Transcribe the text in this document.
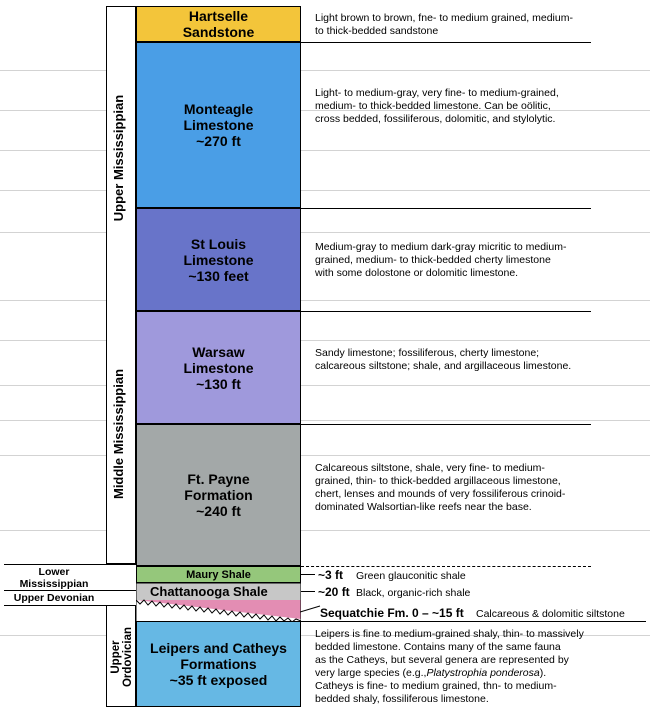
Upper Mississippian
Middle Mississippian
Lower
Mississippian
Upper Devonian
Upper
Ordovician
Hartselle
Sandstone
Monteagle
Limestone
~270 ft
St Louis
Limestone
~130 feet
Warsaw
Limestone
~130 ft
Ft. Payne
Formation
~240 ft
Maury Shale
Chattanooga Shale
Leipers and Catheys
Formations
~35 ft exposed
Light brown to brown, fne- to medium grained, medium-
to thick-bedded sandstone
Light- to medium-gray, very fine- to medium-grained,
medium- to thick-bedded limestone. Can be oölitic,
cross bedded, fossiliferous, dolomitic, and stylolytic.
Medium-gray to medium dark-gray micritic to medium-
grained, medium- to thick-bedded cherty limestone
with some dolostone or dolomitic limestone.
Sandy limestone; fossiliferous, cherty limestone;
calcareous siltstone; shale, and argillaceous limestone.
Calcareous siltstone, shale, very fine- to medium-
grained, thin- to thick-bedded argillaceous limestone,
chert, lenses and mounds of very fossiliferous crinoid-
dominated Walsortian-like reefs near the base.
~3 ft Green glauconitic shale
~20 ft Black, organic-rich shale
Sequatchie Fm. 0 – ~15 ft Calcareous & dolomitic siltstone
Leipers is fine to medium-grained shaly, thin- to massively
bedded limestone. Contains many of the same fauna
as the Catheys, but several genera are represented by
very large species (e.g.,Platystrophia ponderosa).
Catheys is fine- to medium grained, thn- to medium-
bedded shaly, fossiliferous limestone.
